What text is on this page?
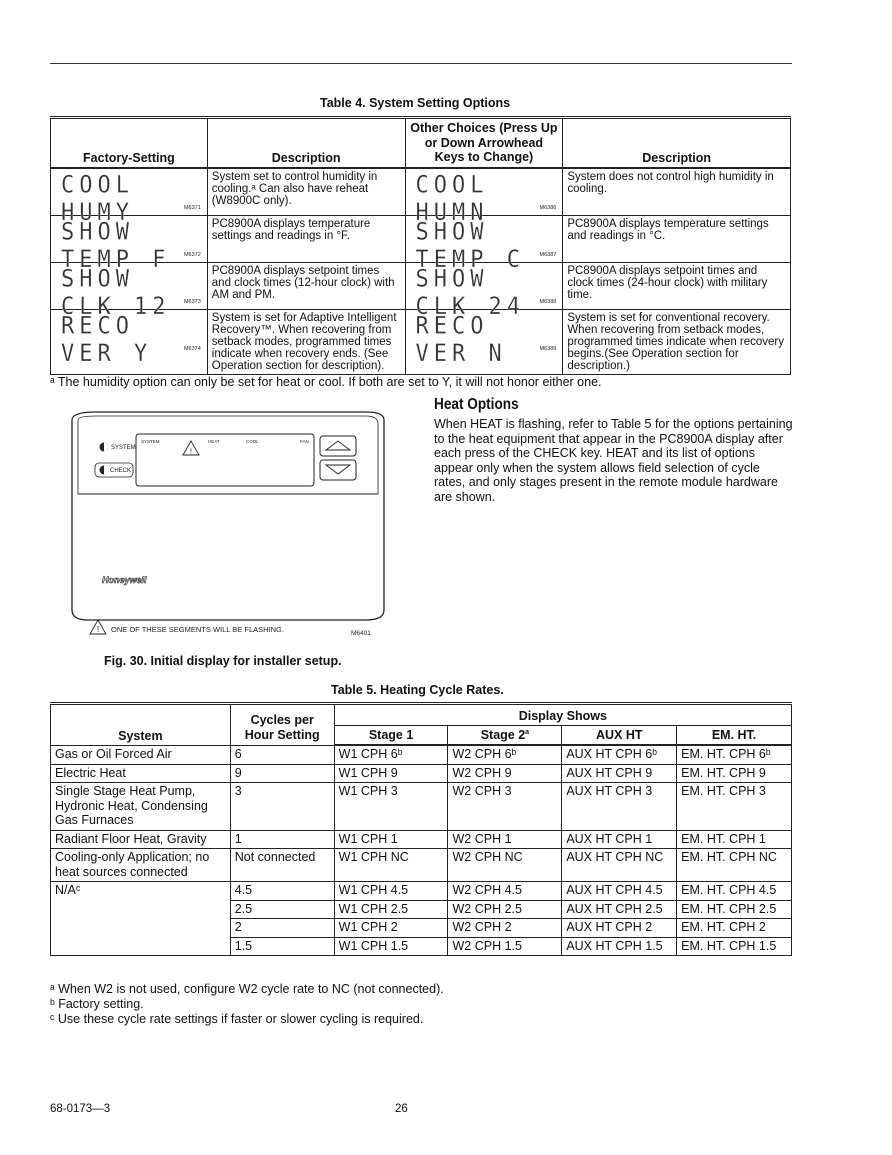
Table 4. System Setting Options
Factory-Setting	Description	Other Choices (Press Up or Down Arrowhead Keys to Change)	Description

COOL HUMY M6371	System set to control humidity in cooling.ᵃ Can also have reheat (W8900C only).	COOL HUMN M6386	System does not control high humidity in cooling.

SHOW TEMP F M6372	PC8900A displays temperature settings and readings in °F.	SHOW TEMP C M6387	PC8900A displays temperature settings and readings in °C.

SHOW CLK 12 M6373	PC8900A displays setpoint times and clock times (12-hour clock) with AM and PM.	SHOW CLK 24 M6388	PC8900A displays setpoint times and clock times (24-hour clock) with military time.

RECO VER Y M6374	System is set for Adaptive Intelligent Recovery™. When recovering from setback modes, programmed times indicate when recovery ends. (See Operation section for description).	RECO VER N M6389	System is set for conventional recovery. When recovering from setback modes, programmed times indicate when recovery begins.(See Operation section for description.)
ᵃ The humidity option can only be set for heat or cool. If both are set to Y, it will not honor either one.
!
!
SYSTEM
CHECK
SYSTEM	HEAT	COOL	FAN
Honeywell
ONE OF THESE SEGMENTS WILL BE FLASHING.	M6401
Fig. 30. Initial display for installer setup.
Heat Options
When HEAT is flashing, refer to Table 5 for the options pertaining to the heat equipment that appear in the PC8900A display after each press of the CHECK key. HEAT and its list of options appear only when the system allows field selection of cycle rates, and only stages present in the remote module hardware are shown.
Table 5. Heating Cycle Rates.
System	Cycles per Hour Setting	Display Shows			
		Stage 1	Stage 2$^a$	AUX HT	EM. HT.
Gas or Oil Forced Air	6	W1 CPH 6ᵇ	W2 CPH 6ᵇ	AUX HT CPH 6ᵇ	EM. HT. CPH 6ᵇ
Electric Heat	9	W1 CPH 9	W2 CPH 9	AUX HT CPH 9	EM. HT. CPH 9
Single Stage Heat Pump, Hydronic Heat, Condensing Gas Furnaces	3	W1 CPH 3	W2 CPH 3	AUX HT CPH 3	EM. HT. CPH 3
Radiant Floor Heat, Gravity	1	W1 CPH 1	W2 CPH 1	AUX HT CPH 1	EM. HT. CPH 1
Cooling-only Application; no heat sources connected	Not connected	W1 CPH NC	W2 CPH NC	AUX HT CPH NC	EM. HT. CPH NC
N/Aᶜ	4.5	W1 CPH 4.5	W2 CPH 4.5	AUX HT CPH 4.5	EM. HT. CPH 4.5
	2.5	W1 CPH 2.5	W2 CPH 2.5	AUX HT CPH 2.5	EM. HT. CPH 2.5
	2	W1 CPH 2	W2 CPH 2	AUX HT CPH 2	EM. HT. CPH 2
	1.5	W1 CPH 1.5	W2 CPH 1.5	AUX HT CPH 1.5	EM. HT. CPH 1.5
ᵃ When W2 is not used, configure W2 cycle rate to NC (not connected).
ᵇ Factory setting.
ᶜ Use these cycle rate settings if faster or slower cycling is required.
68-0173—3	26
